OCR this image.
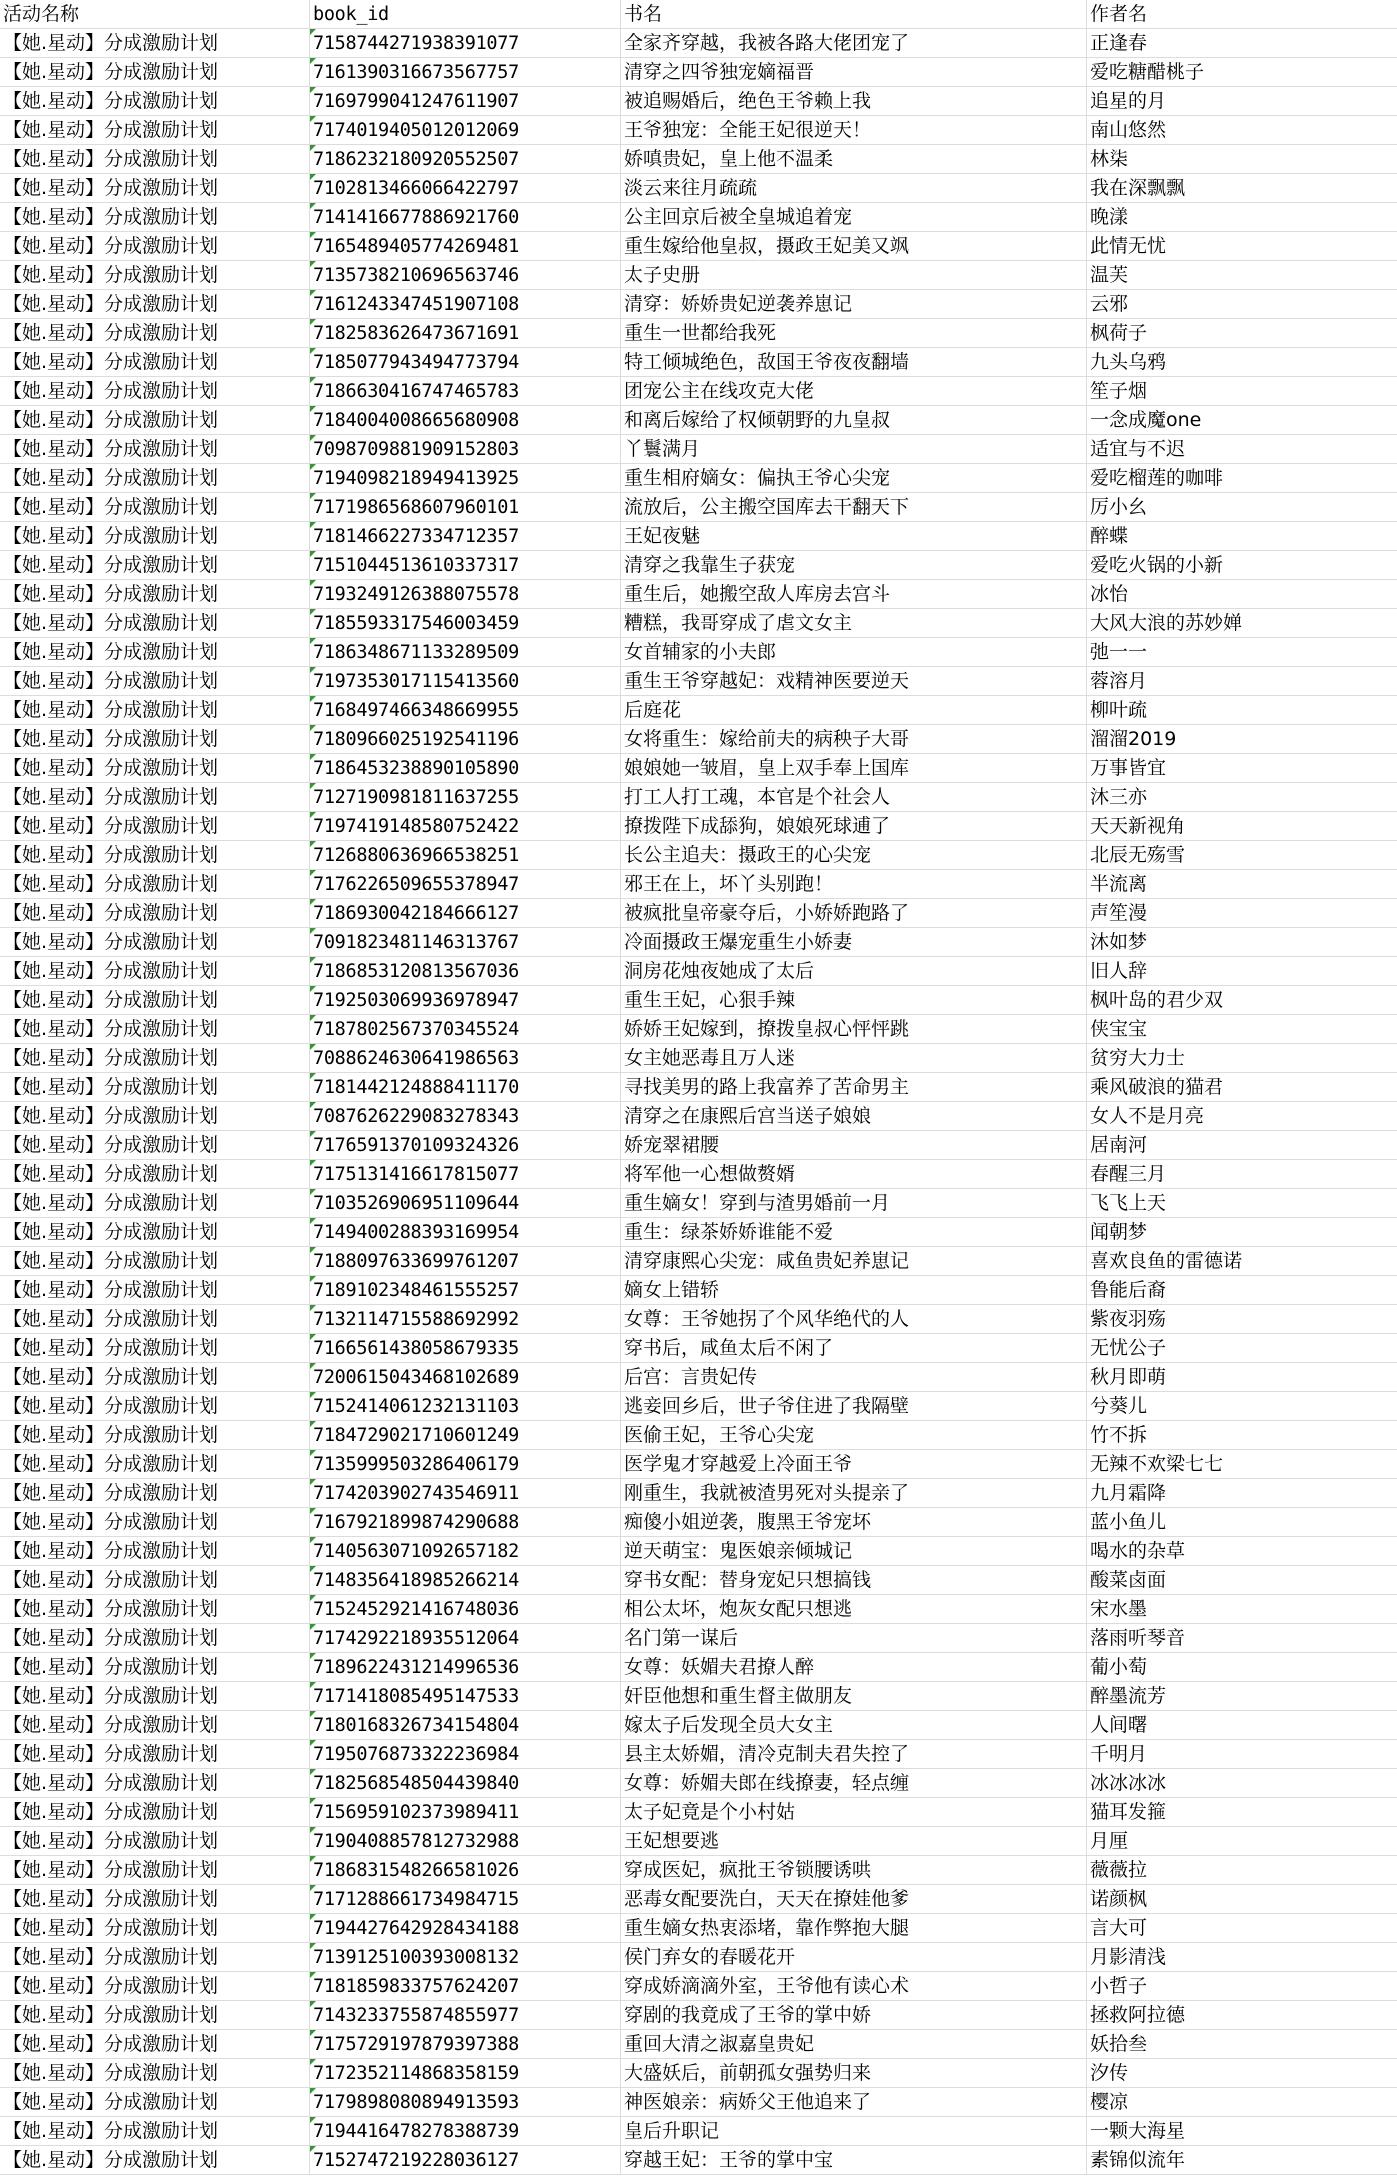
活动名称	book_id	书名	作者名
【她.星动】分成激励计划	7158744271938391077	全家齐穿越，我被各路大佬团宠了	正逢春
【她.星动】分成激励计划	7161390316673567757	清穿之四爷独宠嫡福晋	爱吃糖醋桃子
【她.星动】分成激励计划	7169799041247611907	被追赐婚后，绝色王爷赖上我	追星的月
【她.星动】分成激励计划	7174019405012012069	王爷独宠：全能王妃很逆天！	南山悠然
【她.星动】分成激励计划	7186232180920552507	娇嗔贵妃，皇上他不温柔	林柒
【她.星动】分成激励计划	7102813466066422797	淡云来往月疏疏	我在深飘飘
【她.星动】分成激励计划	7141416677886921760	公主回京后被全皇城追着宠	晚漾
【她.星动】分成激励计划	7165489405774269481	重生嫁给他皇叔，摄政王妃美又飒	此情无忧
【她.星动】分成激励计划	7135738210696563746	太子史册	温芙
【她.星动】分成激励计划	7161243347451907108	清穿：娇娇贵妃逆袭养崽记	云邪
【她.星动】分成激励计划	7182583626473671691	重生一世都给我死	枫荷子
【她.星动】分成激励计划	7185077943494773794	特工倾城绝色，敌国王爷夜夜翻墙	九头乌鸦
【她.星动】分成激励计划	7186630416747465783	团宠公主在线攻克大佬	笙子烟
【她.星动】分成激励计划	7184004008665680908	和离后嫁给了权倾朝野的九皇叔	一念成魔one
【她.星动】分成激励计划	7098709881909152803	丫鬟满月	适宜与不迟
【她.星动】分成激励计划	7194098218949413925	重生相府嫡女：偏执王爷心尖宠	爱吃榴莲的咖啡
【她.星动】分成激励计划	7171986568607960101	流放后，公主搬空国库去干翻天下	厉小幺
【她.星动】分成激励计划	7181466227334712357	王妃夜魅	醉蝶
【她.星动】分成激励计划	7151044513610337317	清穿之我靠生子获宠	爱吃火锅的小新
【她.星动】分成激励计划	7193249126388075578	重生后，她搬空敌人库房去宫斗	冰怡
【她.星动】分成激励计划	7185593317546003459	糟糕，我哥穿成了虐文女主	大风大浪的苏妙婵
【她.星动】分成激励计划	7186348671133289509	女首辅家的小夫郎	弛一一
【她.星动】分成激励计划	7197353017115413560	重生王爷穿越妃：戏精神医要逆天	蓉溶月
【她.星动】分成激励计划	7168497466348669955	后庭花	柳叶疏
【她.星动】分成激励计划	7180966025192541196	女将重生：嫁给前夫的病秧子大哥	溜溜2019
【她.星动】分成激励计划	7186453238890105890	娘娘她一皱眉，皇上双手奉上国库	万事皆宜
【她.星动】分成激励计划	7127190981811637255	打工人打工魂，本官是个社会人	沐三亦
【她.星动】分成激励计划	7197419148580752422	撩拨陛下成舔狗，娘娘死球逋了	天天新视角
【她.星动】分成激励计划	7126880636966538251	长公主追夫：摄政王的心尖宠	北辰无殇雪
【她.星动】分成激励计划	7176226509655378947	邪王在上，坏丫头别跑！	半流离
【她.星动】分成激励计划	7186930042184666127	被疯批皇帝豪夺后，小娇娇跑路了	声笙漫
【她.星动】分成激励计划	7091823481146313767	冷面摄政王爆宠重生小娇妻	沐如梦
【她.星动】分成激励计划	7186853120813567036	洞房花烛夜她成了太后	旧人辞
【她.星动】分成激励计划	7192503069936978947	重生王妃，心狠手辣	枫叶岛的君少双
【她.星动】分成激励计划	7187802567370345524	娇娇王妃嫁到，撩拨皇叔心怦怦跳	侠宝宝
【她.星动】分成激励计划	7088624630641986563	女主她恶毒且万人迷	贫穷大力士
【她.星动】分成激励计划	7181442124888411170	寻找美男的路上我富养了苦命男主	乘风破浪的猫君
【她.星动】分成激励计划	7087626229083278343	清穿之在康熙后宫当送子娘娘	女人不是月亮
【她.星动】分成激励计划	7176591370109324326	娇宠翠裙腰	居南河
【她.星动】分成激励计划	7175131416617815077	将军他一心想做赘婿	春醒三月
【她.星动】分成激励计划	7103526906951109644	重生嫡女！穿到与渣男婚前一月	飞飞上天
【她.星动】分成激励计划	7149400288393169954	重生：绿茶娇娇谁能不爱	闻朝梦
【她.星动】分成激励计划	7188097633699761207	清穿康熙心尖宠：咸鱼贵妃养崽记	喜欢良鱼的雷德诺
【她.星动】分成激励计划	7189102348461555257	嫡女上错轿	鲁能后裔
【她.星动】分成激励计划	7132114715588692992	女尊：王爷她拐了个风华绝代的人	紫夜羽殇
【她.星动】分成激励计划	7166561438058679335	穿书后，咸鱼太后不闲了	无忧公子
【她.星动】分成激励计划	7200615043468102689	后宫：言贵妃传	秋月即萌
【她.星动】分成激励计划	7152414061232131103	逃妾回乡后，世子爷住进了我隔壁	兮葵儿
【她.星动】分成激励计划	7184729021710601249	医偷王妃，王爷心尖宠	竹不拆
【她.星动】分成激励计划	7135999503286406179	医学鬼才穿越爱上冷面王爷	无辣不欢梁七七
【她.星动】分成激励计划	7174203902743546911	刚重生，我就被渣男死对头提亲了	九月霜降
【她.星动】分成激励计划	7167921899874290688	痴傻小姐逆袭，腹黑王爷宠坏	蓝小鱼儿
【她.星动】分成激励计划	7140563071092657182	逆天萌宝：鬼医娘亲倾城记	喝水的杂草
【她.星动】分成激励计划	7148356418985266214	穿书女配：替身宠妃只想搞钱	酸菜卤面
【她.星动】分成激励计划	7152452921416748036	相公太坏，炮灰女配只想逃	宋水墨
【她.星动】分成激励计划	7174292218935512064	名门第一谋后	落雨听琴音
【她.星动】分成激励计划	7189622431214996536	女尊：妖媚夫君撩人醉	葡小萄
【她.星动】分成激励计划	7171418085495147533	奸臣他想和重生督主做朋友	醉墨流芳
【她.星动】分成激励计划	7180168326734154804	嫁太子后发现全员大女主	人间曙
【她.星动】分成激励计划	7195076873322236984	县主太娇媚，清冷克制夫君失控了	千明月
【她.星动】分成激励计划	7182568548504439840	女尊：娇媚夫郎在线撩妻，轻点缠	冰冰冰冰
【她.星动】分成激励计划	7156959102373989411	太子妃竟是个小村姑	猫耳发箍
【她.星动】分成激励计划	7190408857812732988	王妃想要逃	月厘
【她.星动】分成激励计划	7186831548266581026	穿成医妃，疯批王爷锁腰诱哄	薇薇拉
【她.星动】分成激励计划	7171288661734984715	恶毒女配要洗白，天天在撩娃他爹	诺颜枫
【她.星动】分成激励计划	7194427642928434188	重生嫡女热衷添堵，靠作弊抱大腿	言大可
【她.星动】分成激励计划	7139125100393008132	侯门弃女的春暖花开	月影清浅
【她.星动】分成激励计划	7181859833757624207	穿成娇滴滴外室，王爷他有读心术	小哲子
【她.星动】分成激励计划	7143233755874855977	穿剧的我竟成了王爷的掌中娇	拯救阿拉德
【她.星动】分成激励计划	7175729197879397388	重回大清之淑嘉皇贵妃	妖拾叁
【她.星动】分成激励计划	7172352114868358159	大盛妖后，前朝孤女强势归来	汐传
【她.星动】分成激励计划	7179898080894913593	神医娘亲：病娇父王他追来了	樱凉
【她.星动】分成激励计划	7194416478278388739	皇后升职记	一颗大海星
【她.星动】分成激励计划	7152747219228036127	穿越王妃：王爷的掌中宝	素锦似流年
